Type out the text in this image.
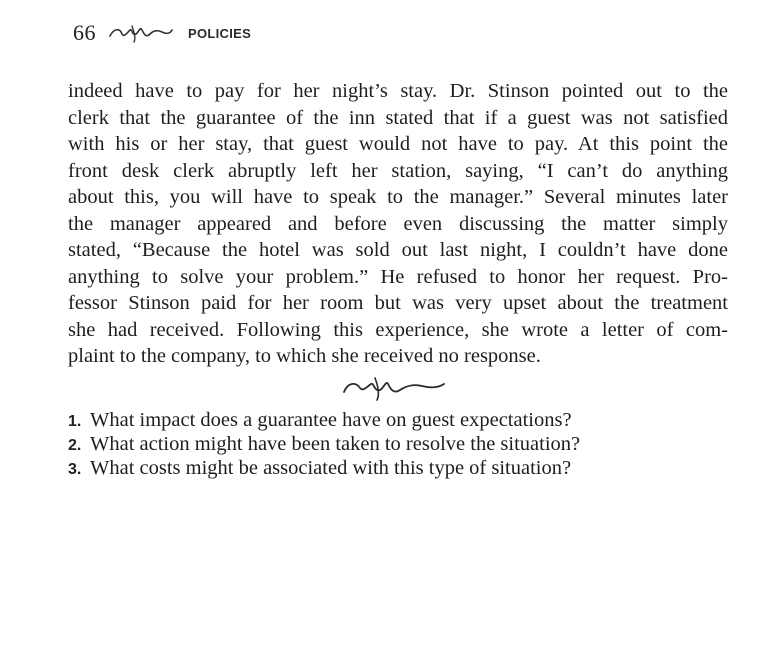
66	POLICIES
indeed have to pay for her night’s stay. Dr. Stinson pointed out to the
clerk that the guarantee of the inn stated that if a guest was not satisfied
with his or her stay, that guest would not have to pay. At this point the
front desk clerk abruptly left her station, saying, “I can’t do anything
about this, you will have to speak to the manager.” Several minutes later
the manager appeared and before even discussing the matter simply
stated, “Because the hotel was sold out last night, I couldn’t have done
anything to solve your problem.” He refused to honor her request. Pro-
fessor Stinson paid for her room but was very upset about the treatment
she had received. Following this experience, she wrote a letter of com-
plaint to the company, to which she received no response.
1. What impact does a guarantee have on guest expectations?
2. What action might have been taken to resolve the situation?
3. What costs might be associated with this type of situation?
